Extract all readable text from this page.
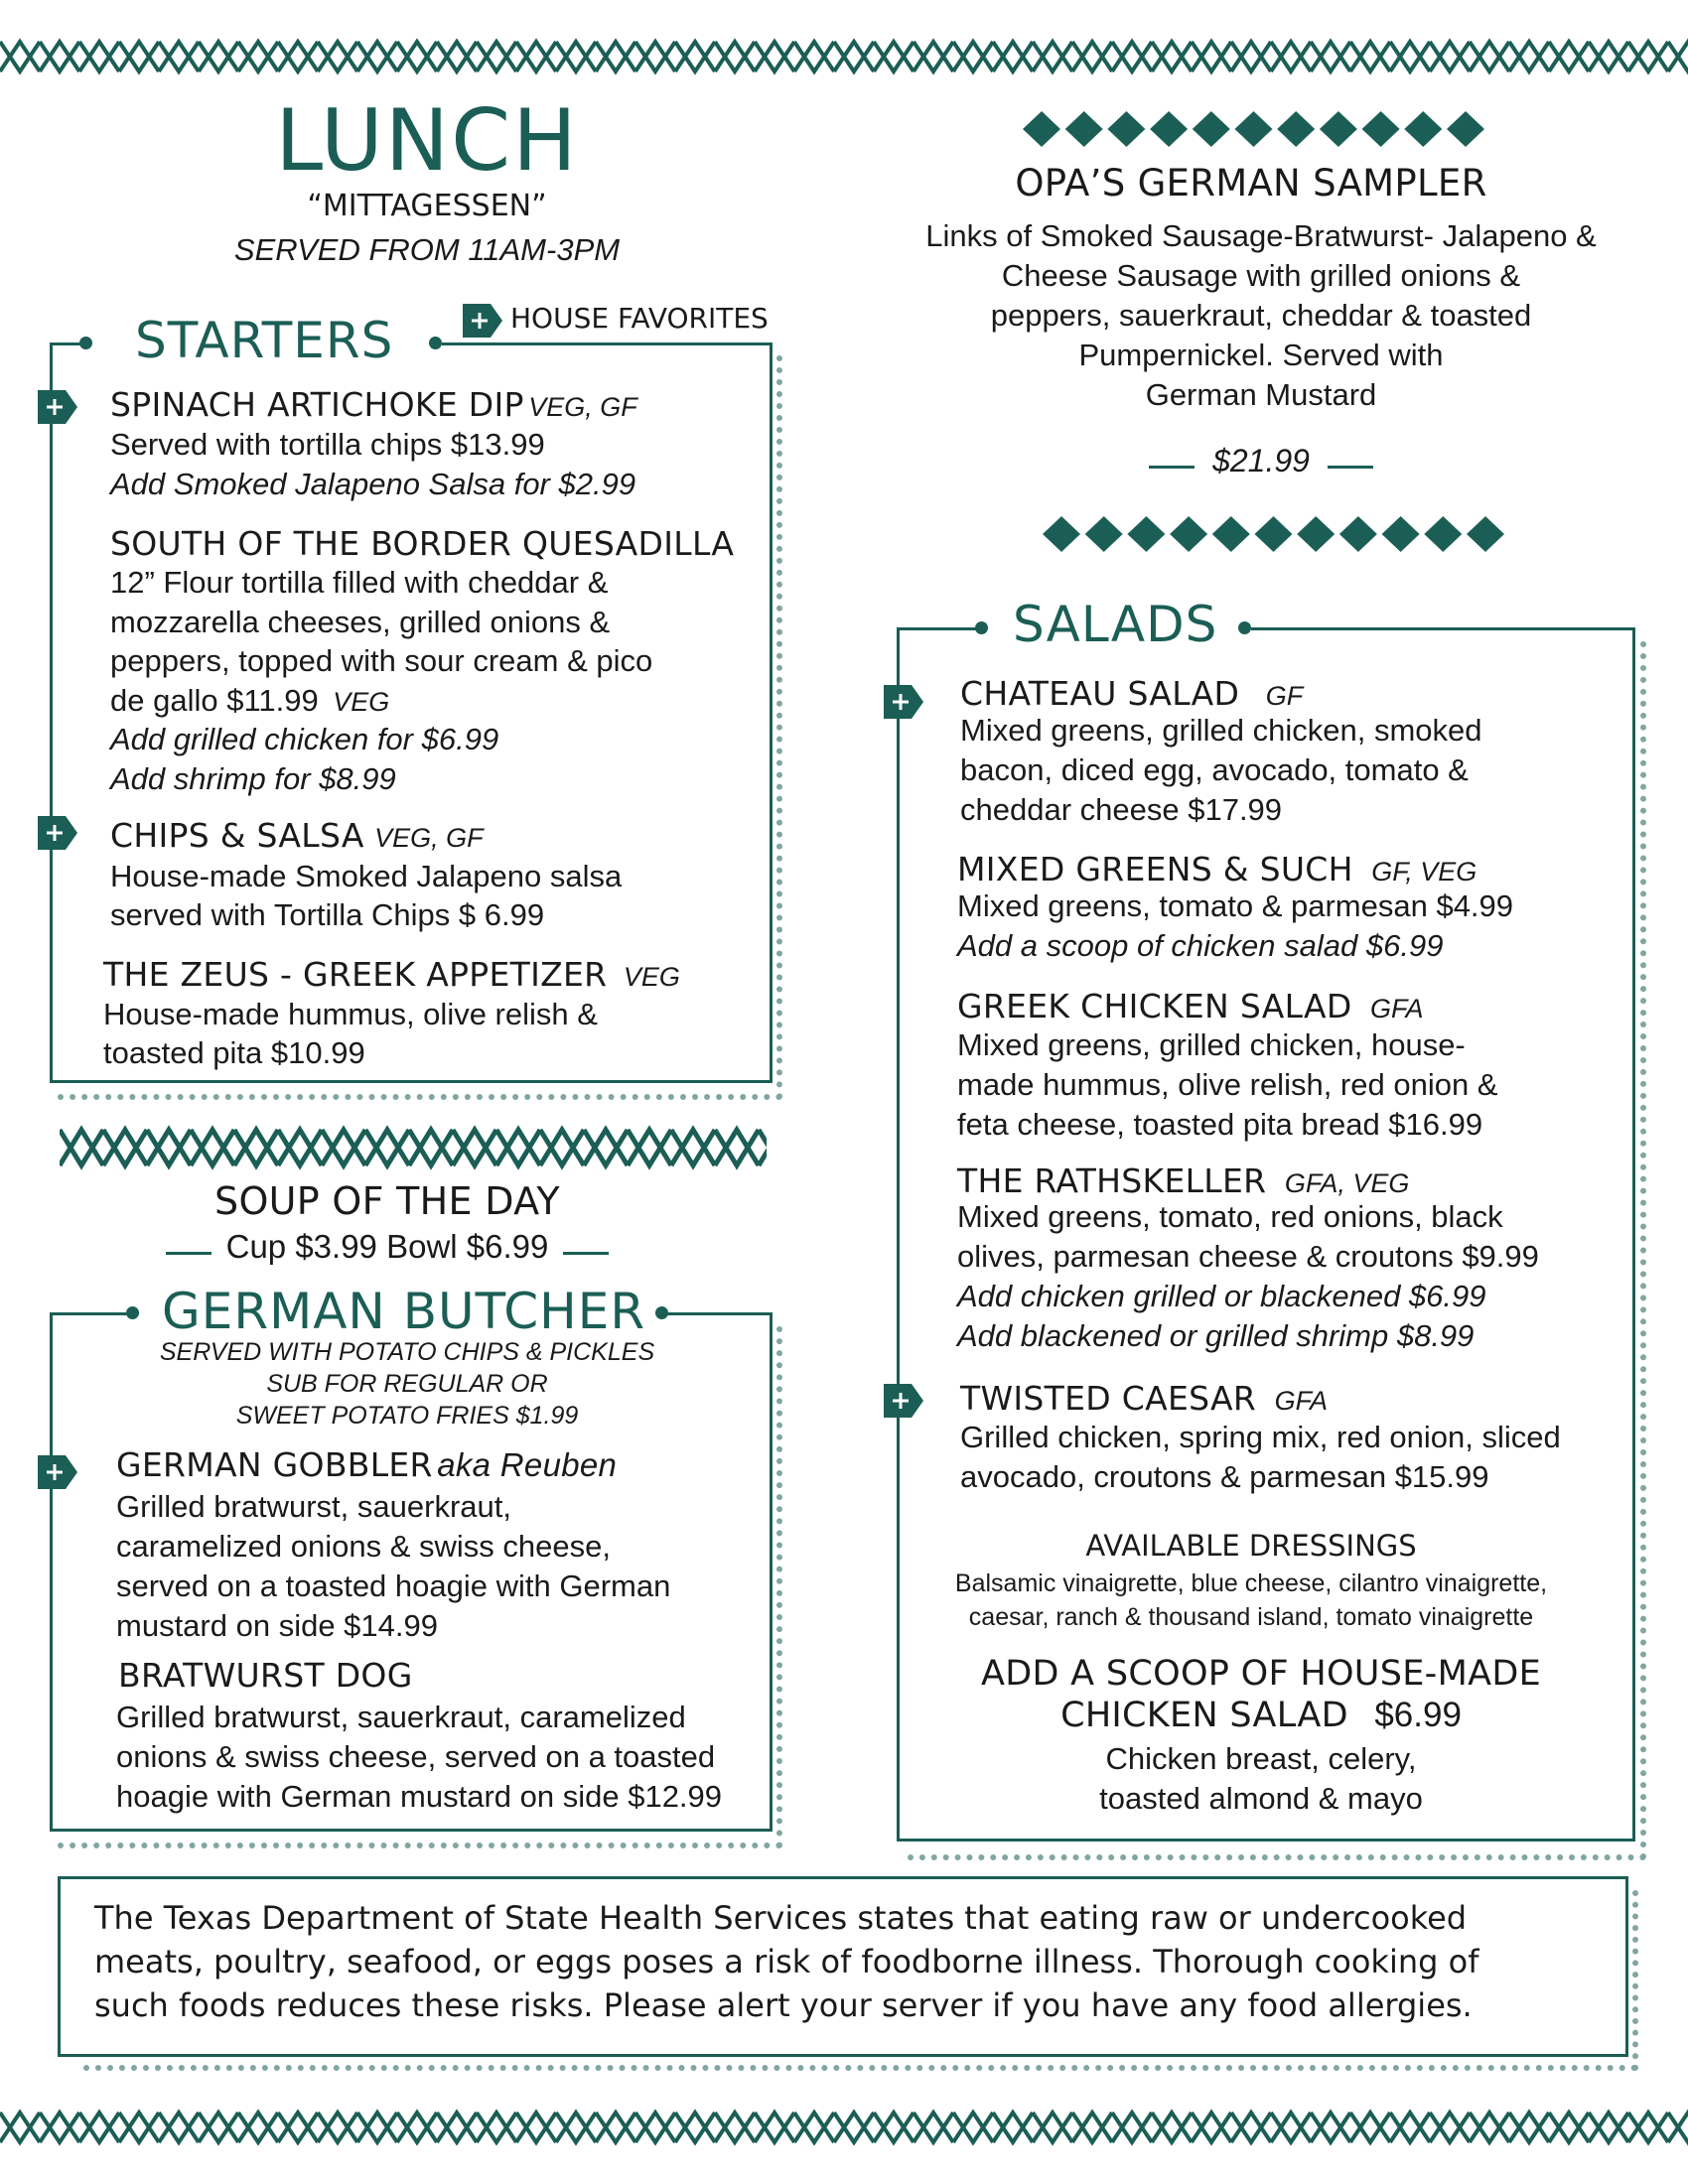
LUNCH
“MITTAGESSEN”
SERVED FROM 11AM-3PM
HOUSE FAVORITES
STARTERS
SPINACH ARTICHOKE DIP VEG, GF
Served with tortilla chips $13.99
Add Smoked Jalapeno Salsa for $2.99
SOUTH OF THE BORDER QUESADILLA
12” Flour tortilla filled with cheddar &
mozzarella cheeses, grilled onions &
peppers, topped with sour cream & pico
de gallo $11.99 VEG
Add grilled chicken for $6.99
Add shrimp for $8.99
CHIPS & SALSA VEG, GF
House-made Smoked Jalapeno salsa
served with Tortilla Chips $ 6.99
THE ZEUS - GREEK APPETIZER VEG
House-made hummus, olive relish &
toasted pita $10.99
SOUP OF THE DAY
Cup $3.99 Bowl $6.99
GERMAN BUTCHER
SERVED WITH POTATO CHIPS & PICKLES
SUB FOR REGULAR OR
SWEET POTATO FRIES $1.99
GERMAN GOBBLER aka Reuben
Grilled bratwurst, sauerkraut,
caramelized onions & swiss cheese,
served on a toasted hoagie with German
mustard on side $14.99
BRATWURST DOG
Grilled bratwurst, sauerkraut, caramelized
onions & swiss cheese, served on a toasted
hoagie with German mustard on side $12.99
OPA’S GERMAN SAMPLER
Links of Smoked Sausage-Bratwurst- Jalapeno &
Cheese Sausage with grilled onions &
peppers, sauerkraut, cheddar & toasted
Pumpernickel. Served with
German Mustard
$21.99
SALADS
CHATEAU SALAD GF
Mixed greens, grilled chicken, smoked
bacon, diced egg, avocado, tomato &
cheddar cheese $17.99
MIXED GREENS & SUCH GF, VEG
Mixed greens, tomato & parmesan $4.99
Add a scoop of chicken salad $6.99
GREEK CHICKEN SALAD GFA
Mixed greens, grilled chicken, house-
made hummus, olive relish, red onion &
feta cheese, toasted pita bread $16.99
THE RATHSKELLER GFA, VEG
Mixed greens, tomato, red onions, black
olives, parmesan cheese & croutons $9.99
Add chicken grilled or blackened $6.99
Add blackened or grilled shrimp $8.99
TWISTED CAESAR GFA
Grilled chicken, spring mix, red onion, sliced
avocado, croutons & parmesan $15.99
AVAILABLE DRESSINGS
Balsamic vinaigrette, blue cheese, cilantro vinaigrette,
caesar, ranch & thousand island, tomato vinaigrette
ADD A SCOOP OF HOUSE-MADE
CHICKEN SALAD $6.99
Chicken breast, celery,
toasted almond & mayo
The Texas Department of State Health Services states that eating raw or undercooked
meats, poultry, seafood, or eggs poses a risk of foodborne illness. Thorough cooking of
such foods reduces these risks. Please alert your server if you have any food allergies.
